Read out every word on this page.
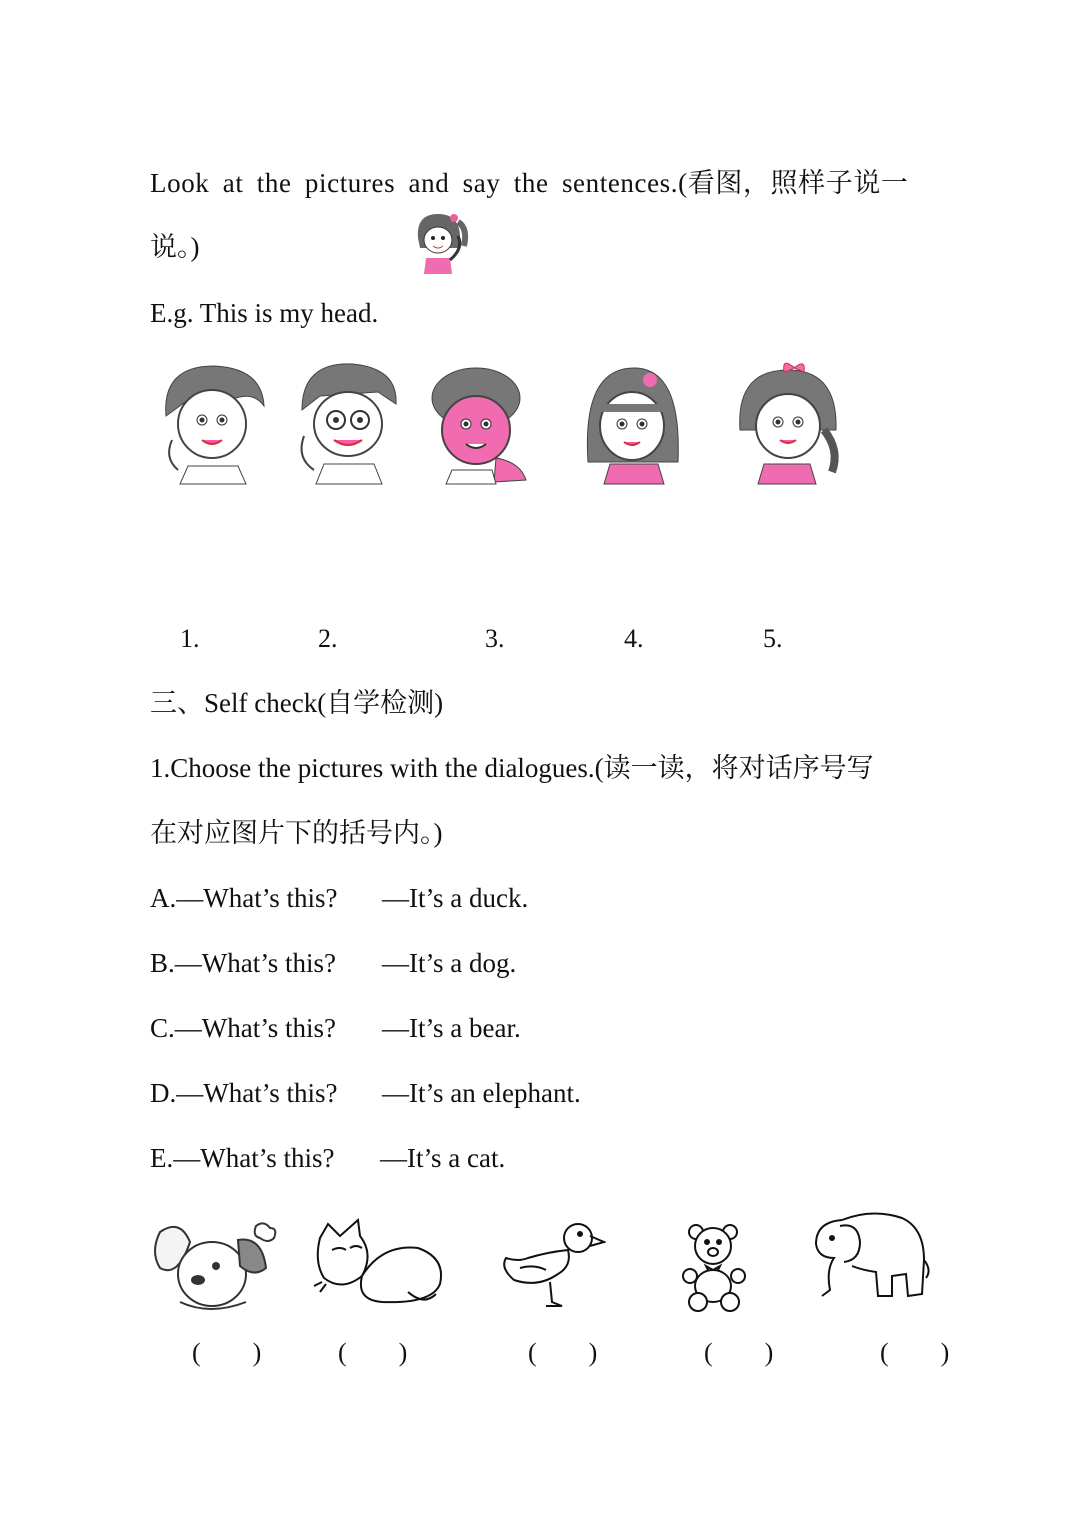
Look at the pictures and say the sentences.(看图，照样子说一
说。)
E.g. This is my head.
1.	2.	3.	4.	5.
三、Self check(自学检测)
1.Choose the pictures with the dialogues.(读一读，将对话序号写
在对应图片下的括号内。)
A.—What’s this? —It’s a duck.
B.—What’s this? —It’s a dog.
C.—What’s this? —It’s a bear.
D.—What’s this? —It’s an elephant.
E.—What’s this? —It’s a cat.
(　　)	(　　)	(　　)	(　　)	(　　)
